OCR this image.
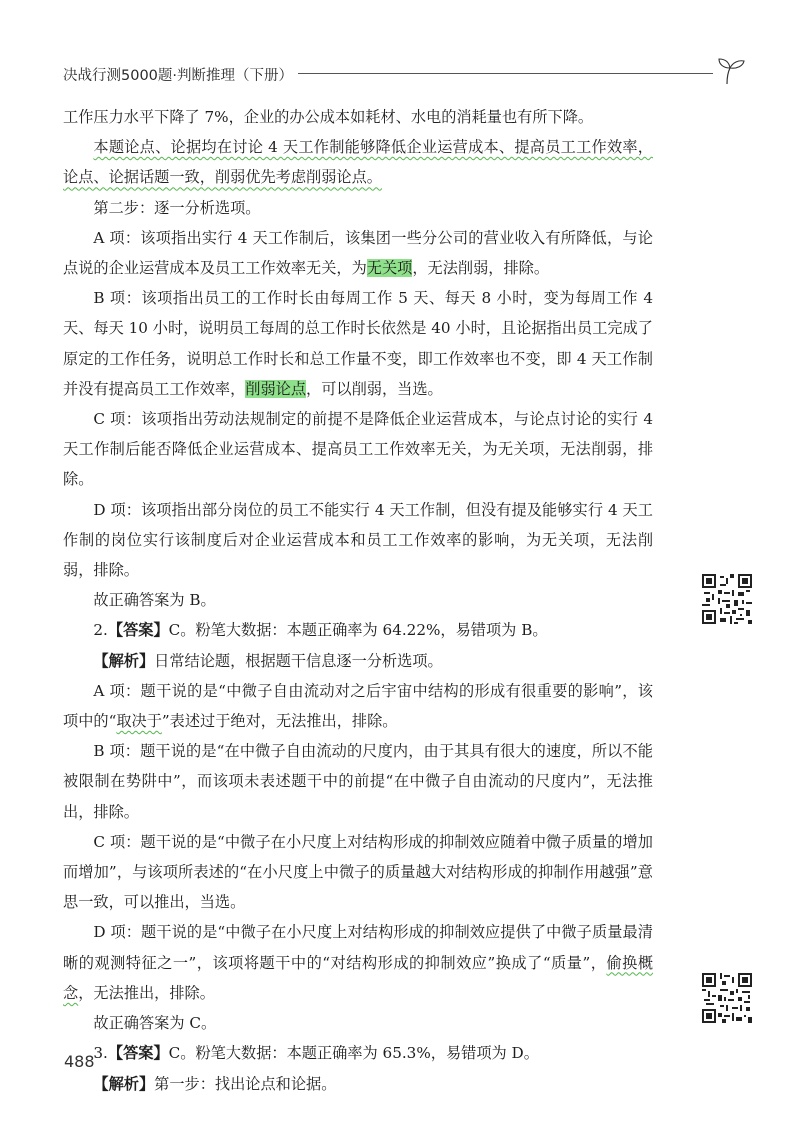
决战行测5000题·判断推理（下册）

工作压力水平下降了 7%，企业的办公成本如耗材、水电的消耗量也有所下降。

本题论点、论据均在讨论 4 天工作制能够降低企业运营成本、提高员工工作效率，论点、论据话题一致，削弱优先考虑削弱论点。

第二步：逐一分析选项。

A 项：该项指出实行 4 天工作制后，该集团一些分公司的营业收入有所降低，与论点说的企业运营成本及员工工作效率无关，为无关项，无法削弱，排除。

B 项：该项指出员工的工作时长由每周工作 5 天、每天 8 小时，变为每周工作 4 天、每天 10 小时，说明员工每周的总工作时长依然是 40 小时，且论据指出员工完成了原定的工作任务，说明总工作时长和总工作量不变，即工作效率也不变，即 4 天工作制并没有提高员工工作效率，削弱论点，可以削弱，当选。

C 项：该项指出劳动法规制定的前提不是降低企业运营成本，与论点讨论的实行 4 天工作制后能否降低企业运营成本、提高员工工作效率无关，为无关项，无法削弱，排除。

D 项：该项指出部分岗位的员工不能实行 4 天工作制，但没有提及能够实行 4 天工作制的岗位实行该制度后对企业运营成本和员工工作效率的影响，为无关项，无法削弱，排除。

故正确答案为 B。

2.【答案】C。粉笔大数据：本题正确率为 64.22%，易错项为 B。

【解析】日常结论题，根据题干信息逐一分析选项。

A 项：题干说的是“中微子自由流动对之后宇宙中结构的形成有很重要的影响”，该项中的“取决于”表述过于绝对，无法推出，排除。

B 项：题干说的是“在中微子自由流动的尺度内，由于其具有很大的速度，所以不能被限制在势阱中”，而该项未表述题干中的前提“在中微子自由流动的尺度内”，无法推出，排除。

C 项：题干说的是“中微子在小尺度上对结构形成的抑制效应随着中微子质量的增加而增加”，与该项所表述的“在小尺度上中微子的质量越大对结构形成的抑制作用越强”意思一致，可以推出，当选。

D 项：题干说的是“中微子在小尺度上对结构形成的抑制效应提供了中微子质量最清晰的观测特征之一”，该项将题干中的“对结构形成的抑制效应”换成了“质量”，偷换概念，无法推出，排除。

故正确答案为 C。

3.【答案】C。粉笔大数据：本题正确率为 65.3%，易错项为 D。

【解析】第一步：找出论点和论据。

488
